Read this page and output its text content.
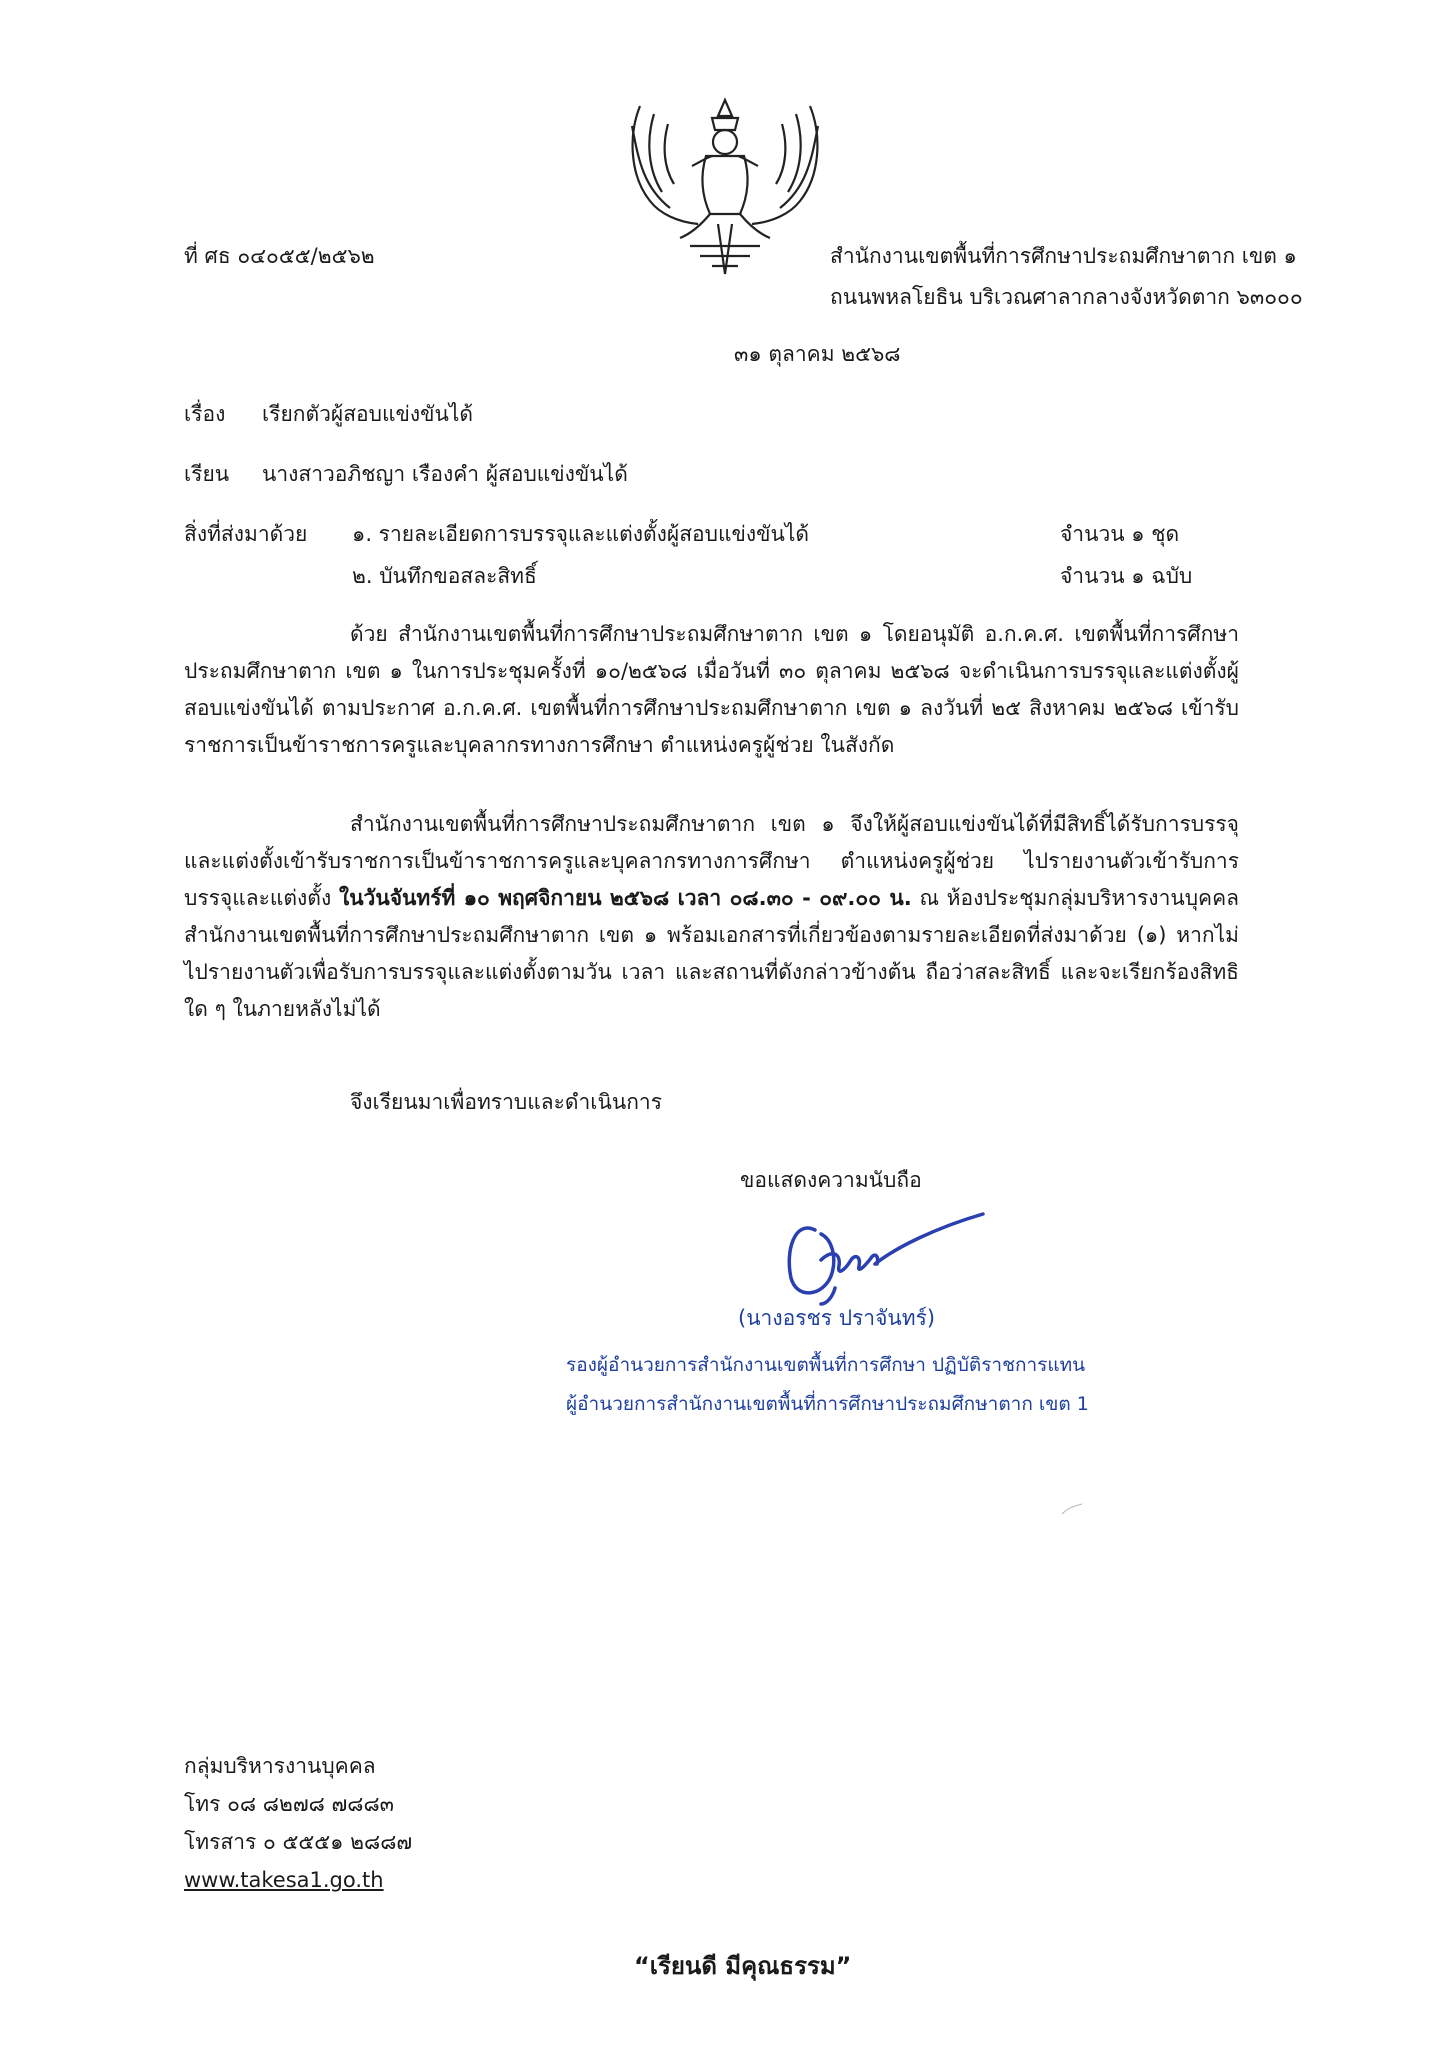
ที่ ศธ ๐๔๐๕๕/๒๕๖๒	สำนักงานเขตพื้นที่การศึกษาประถมศึกษาตาก เขต ๑
ถนนพหลโยธิน บริเวณศาลากลางจังหวัดตาก ๖๓๐๐๐
๓๑ ตุลาคม ๒๕๖๘
เรื่อง เรียกตัวผู้สอบแข่งขันได้
เรียน นางสาวอภิชญา เรืองคำ ผู้สอบแข่งขันได้
สิ่งที่ส่งมาด้วย ๑. รายละเอียดการบรรจุและแต่งตั้งผู้สอบแข่งขันได้	จำนวน ๑ ชุด
๒. บันทึกขอสละสิทธิ์	จำนวน ๑ ฉบับ
ด้วย สำนักงานเขตพื้นที่การศึกษาประถมศึกษาตาก เขต ๑ โดยอนุมัติ อ.ก.ค.ศ. เขตพื้นที่การศึกษาประถมศึกษาตาก เขต ๑ ในการประชุมครั้งที่ ๑๐/๒๕๖๘ เมื่อวันที่ ๓๐ ตุลาคม ๒๕๖๘ จะดำเนินการบรรจุและแต่งตั้งผู้สอบแข่งขันได้ ตามประกาศ อ.ก.ค.ศ. เขตพื้นที่การศึกษาประถมศึกษาตาก เขต ๑ ลงวันที่ ๒๕ สิงหาคม ๒๕๖๘ เข้ารับราชการเป็นข้าราชการครูและบุคลากรทางการศึกษา ตำแหน่งครูผู้ช่วย ในสังกัด
สำนักงานเขตพื้นที่การศึกษาประถมศึกษาตาก เขต ๑ จึงให้ผู้สอบแข่งขันได้ที่มีสิทธิ์ได้รับการบรรจุและแต่งตั้งเข้ารับราชการเป็นข้าราชการครูและบุคลากรทางการศึกษา ตำแหน่งครูผู้ช่วย ไปรายงานตัวเข้ารับการบรรจุและแต่งตั้ง ในวันจันทร์ที่ ๑๐ พฤศจิกายน ๒๕๖๘ เวลา ๐๘.๓๐ - ๐๙.๐๐ น. ณ ห้องประชุมกลุ่มบริหารงานบุคคล สำนักงานเขตพื้นที่การศึกษาประถมศึกษาตาก เขต ๑ พร้อมเอกสารที่เกี่ยวข้องตามรายละเอียดที่ส่งมาด้วย (๑) หากไม่ไปรายงานตัวเพื่อรับการบรรจุและแต่งตั้งตามวัน เวลา และสถานที่ดังกล่าวข้างต้น ถือว่าสละสิทธิ์ และจะเรียกร้องสิทธิใด ๆ ในภายหลังไม่ได้
จึงเรียนมาเพื่อทราบและดำเนินการ
ขอแสดงความนับถือ
(นางอรชร ปราจันทร์)
รองผู้อำนวยการสำนักงานเขตพื้นที่การศึกษา ปฏิบัติราชการแทน
ผู้อำนวยการสำนักงานเขตพื้นที่การศึกษาประถมศึกษาตาก เขต 1
กลุ่มบริหารงานบุคคล
โทร ๐๘ ๘๒๗๘ ๗๘๘๓
โทรสาร ๐ ๕๕๕๑ ๒๘๘๗
www.takesa1.go.th
“เรียนดี มีคุณธรรม”
